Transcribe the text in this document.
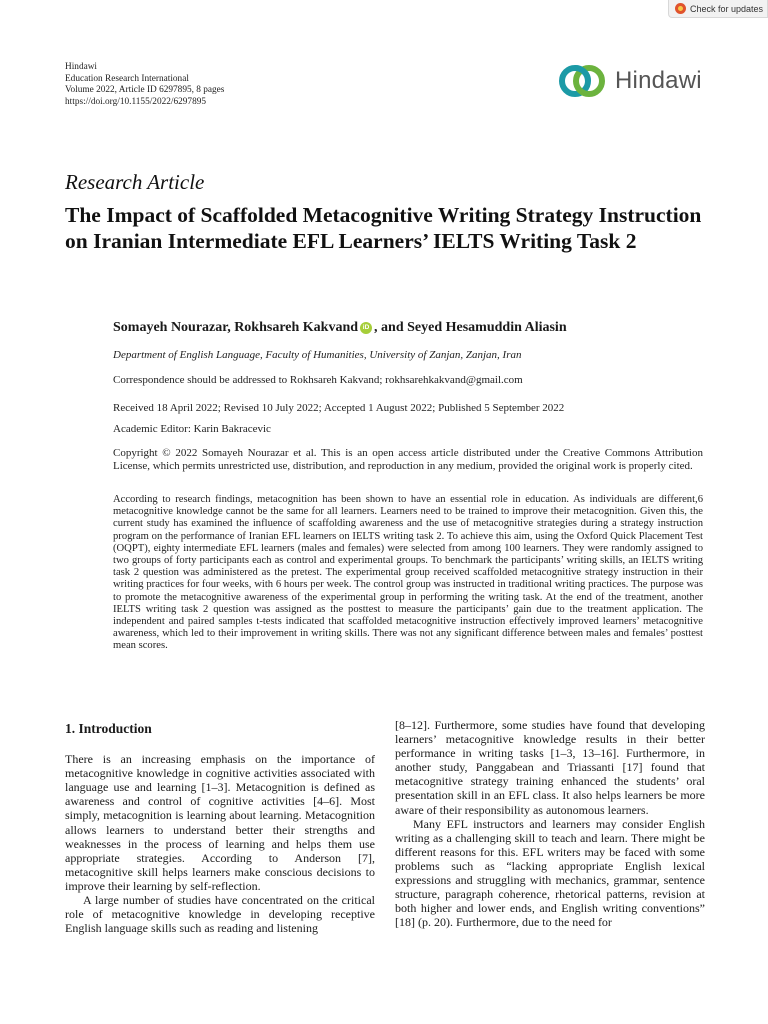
Check for updates
Hindawi
Education Research International
Volume 2022, Article ID 6297895, 8 pages
https://doi.org/10.1155/2022/6297895
Hindawi
Research Article
The Impact of Scaffolded Metacognitive Writing Strategy Instruction on Iranian Intermediate EFL Learners’ IELTS Writing Task 2
Somayeh Nourazar, Rokhsareh Kakvand iD , and Seyed Hesamuddin Aliasin
Department of English Language, Faculty of Humanities, University of Zanjan, Zanjan, Iran
Correspondence should be addressed to Rokhsareh Kakvand; rokhsarehkakvand@gmail.com
Received 18 April 2022; Revised 10 July 2022; Accepted 1 August 2022; Published 5 September 2022
Academic Editor: Karin Bakracevic
Copyright © 2022 Somayeh Nourazar et al. This is an open access article distributed under the Creative Commons Attribution License, which permits unrestricted use, distribution, and reproduction in any medium, provided the original work is properly cited.

According to research findings, metacognition has been shown to have an essential role in education. As individuals are different,6 metacognitive knowledge cannot be the same for all learners. Learners need to be trained to improve their metacognition. Given this, the current study has examined the influence of scaffolding awareness and the use of metacognitive strategies during a strategy instruction program on the performance of Iranian EFL learners on IELTS writing task 2. To achieve this aim, using the Oxford Quick Placement Test (OQPT), eighty intermediate EFL learners (males and females) were selected from among 100 learners. They were randomly assigned to two groups of forty participants each as control and experimental groups. To benchmark the participants’ writing skills, an IELTS writing task 2 question was administered as the pretest. The experimental group received scaffolded metacognitive strategy instruction in their writing practices for four weeks, with 6 hours per week. The control group was instructed in traditional writing practices. The purpose was to promote the metacognitive awareness of the experimental group in performing the writing task. At the end of the treatment, another IELTS writing task 2 question was assigned as the posttest to measure the participants’ gain due to the treatment application. The independent and paired samples t-tests indicated that scaffolded metacognitive instruction effectively improved learners’ metacognitive awareness, which led to their improvement in writing skills. There was not any significant difference between males and females’ posttest mean scores.

1. Introduction

There is an increasing emphasis on the importance of metacognitive knowledge in cognitive activities associated with language use and learning [1–3]. Metacognition is defined as awareness and control of cognitive activities [4–6]. Most simply, metacognition is learning about learning. Metacognition allows learners to understand better their strengths and weaknesses in the process of learning and helps them use appropriate strategies. According to Anderson [7], metacognitive skill helps learners make conscious decisions to improve their learning by self-reflection.

A large number of studies have concentrated on the critical role of metacognitive knowledge in developing receptive English language skills such as reading and listening

[8–12]. Furthermore, some studies have found that developing learners’ metacognitive knowledge results in their better performance in writing tasks [1–3, 13–16]. Furthermore, in another study, Panggabean and Triassanti [17] found that metacognitive strategy training enhanced the students’ oral presentation skill in an EFL class. It also helps learners be more aware of their responsibility as autonomous learners.

Many EFL instructors and learners may consider English writing as a challenging skill to teach and learn. There might be different reasons for this. EFL writers may be faced with some problems such as “lacking appropriate English lexical expressions and struggling with mechanics, grammar, sentence structure, paragraph coherence, rhetorical patterns, revision at both higher and lower ends, and English writing conventions” [18] (p. 20). Furthermore, due to the need for
